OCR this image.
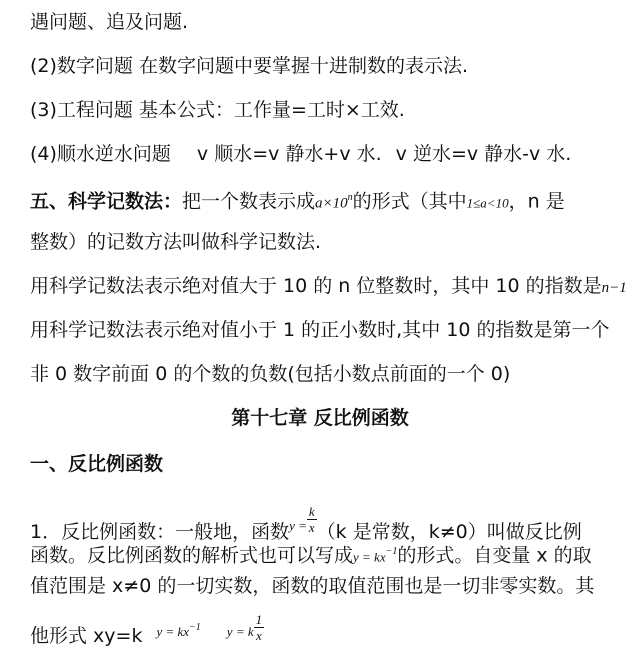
遇问题、追及问题.
(2)数字问题 在数字问题中要掌握十进制数的表示法.
(3)工程问题 基本公式：工作量=工时×工效.
(4)顺水逆水问题 v 顺水=v 静水+v 水. v 逆水=v 静水-v 水.
五、科学记数法：把一个数表示成$a\times 10^n$的形式（其中1≤a<10，n 是
整数）的记数方法叫做科学记数法.
用科学记数法表示绝对值大于 10 的 n 位整数时，其中 10 的指数是n−1
用科学记数法表示绝对值小于 1 的正小数时,其中 10 的指数是第一个
非 0 数字前面 0 的个数的负数(包括小数点前面的一个 0)
第十七章 反比例函数
一、反比例函数
1．反比例函数：一般地，函数$^{y =} \frac{k}{x} (k$ 是常数，k≠0）叫做反比例
函数。反比例函数的解析式也可以写成$y = kx^{-1}$的形式。自变量 x 的取
值范围是 x≠0 的一切实数，函数的取值范围也是一切非零实数。其
他形式 xy=k $^{y = kx-1}$ $^{y = k} \frac{1}{x}$
